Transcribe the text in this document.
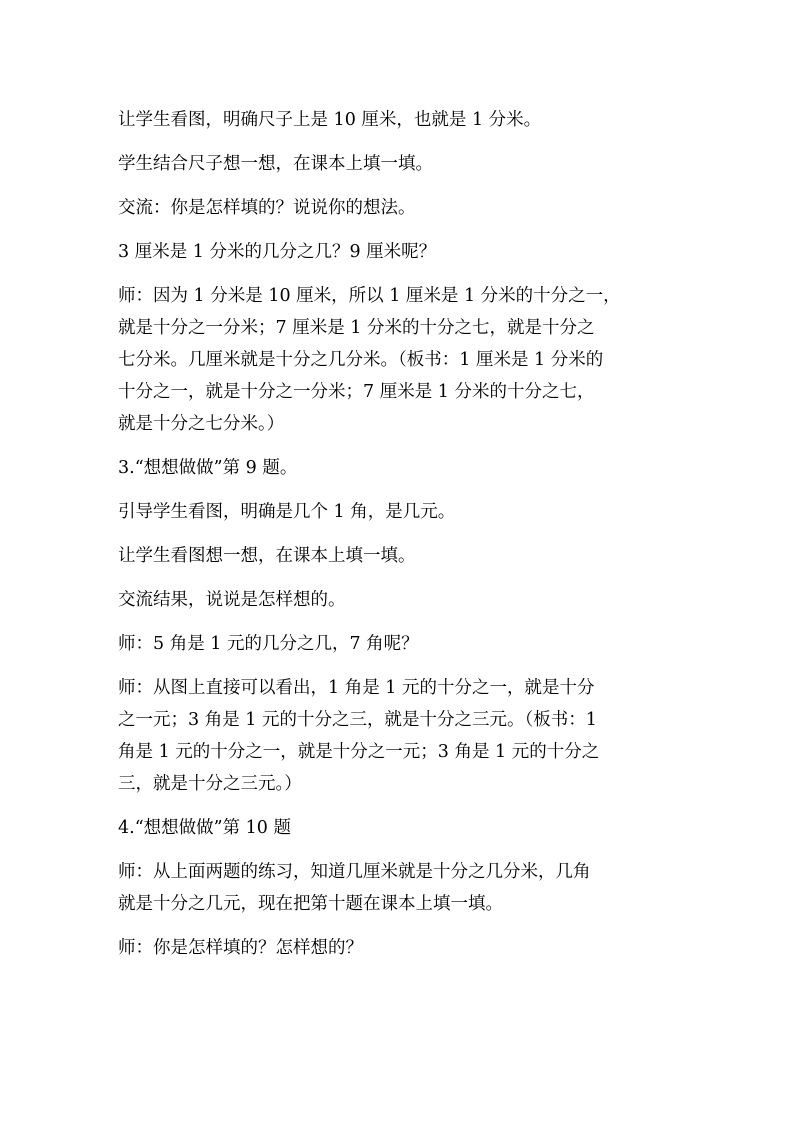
让学生看图，明确尺子上是 10 厘米，也就是 1 分米。
学生结合尺子想一想，在课本上填一填。
交流：你是怎样填的？说说你的想法。
3 厘米是 1 分米的几分之几？9 厘米呢？
师：因为 1 分米是 10 厘米，所以 1 厘米是 1 分米的十分之一，
就是十分之一分米；7 厘米是 1 分米的十分之七，就是十分之
七分米。几厘米就是十分之几分米。（板书：1 厘米是 1 分米的
十分之一，就是十分之一分米；7 厘米是 1 分米的十分之七，
就是十分之七分米。）
3.“想想做做”第 9 题。
引导学生看图，明确是几个 1 角，是几元。
让学生看图想一想，在课本上填一填。
交流结果，说说是怎样想的。
师：5 角是 1 元的几分之几，7 角呢？
师：从图上直接可以看出，1 角是 1 元的十分之一，就是十分
之一元；3 角是 1 元的十分之三，就是十分之三元。（板书：1
角是 1 元的十分之一，就是十分之一元；3 角是 1 元的十分之
三，就是十分之三元。）
4.“想想做做”第 10 题
师：从上面两题的练习，知道几厘米就是十分之几分米，几角
就是十分之几元，现在把第十题在课本上填一填。
师：你是怎样填的？怎样想的？
